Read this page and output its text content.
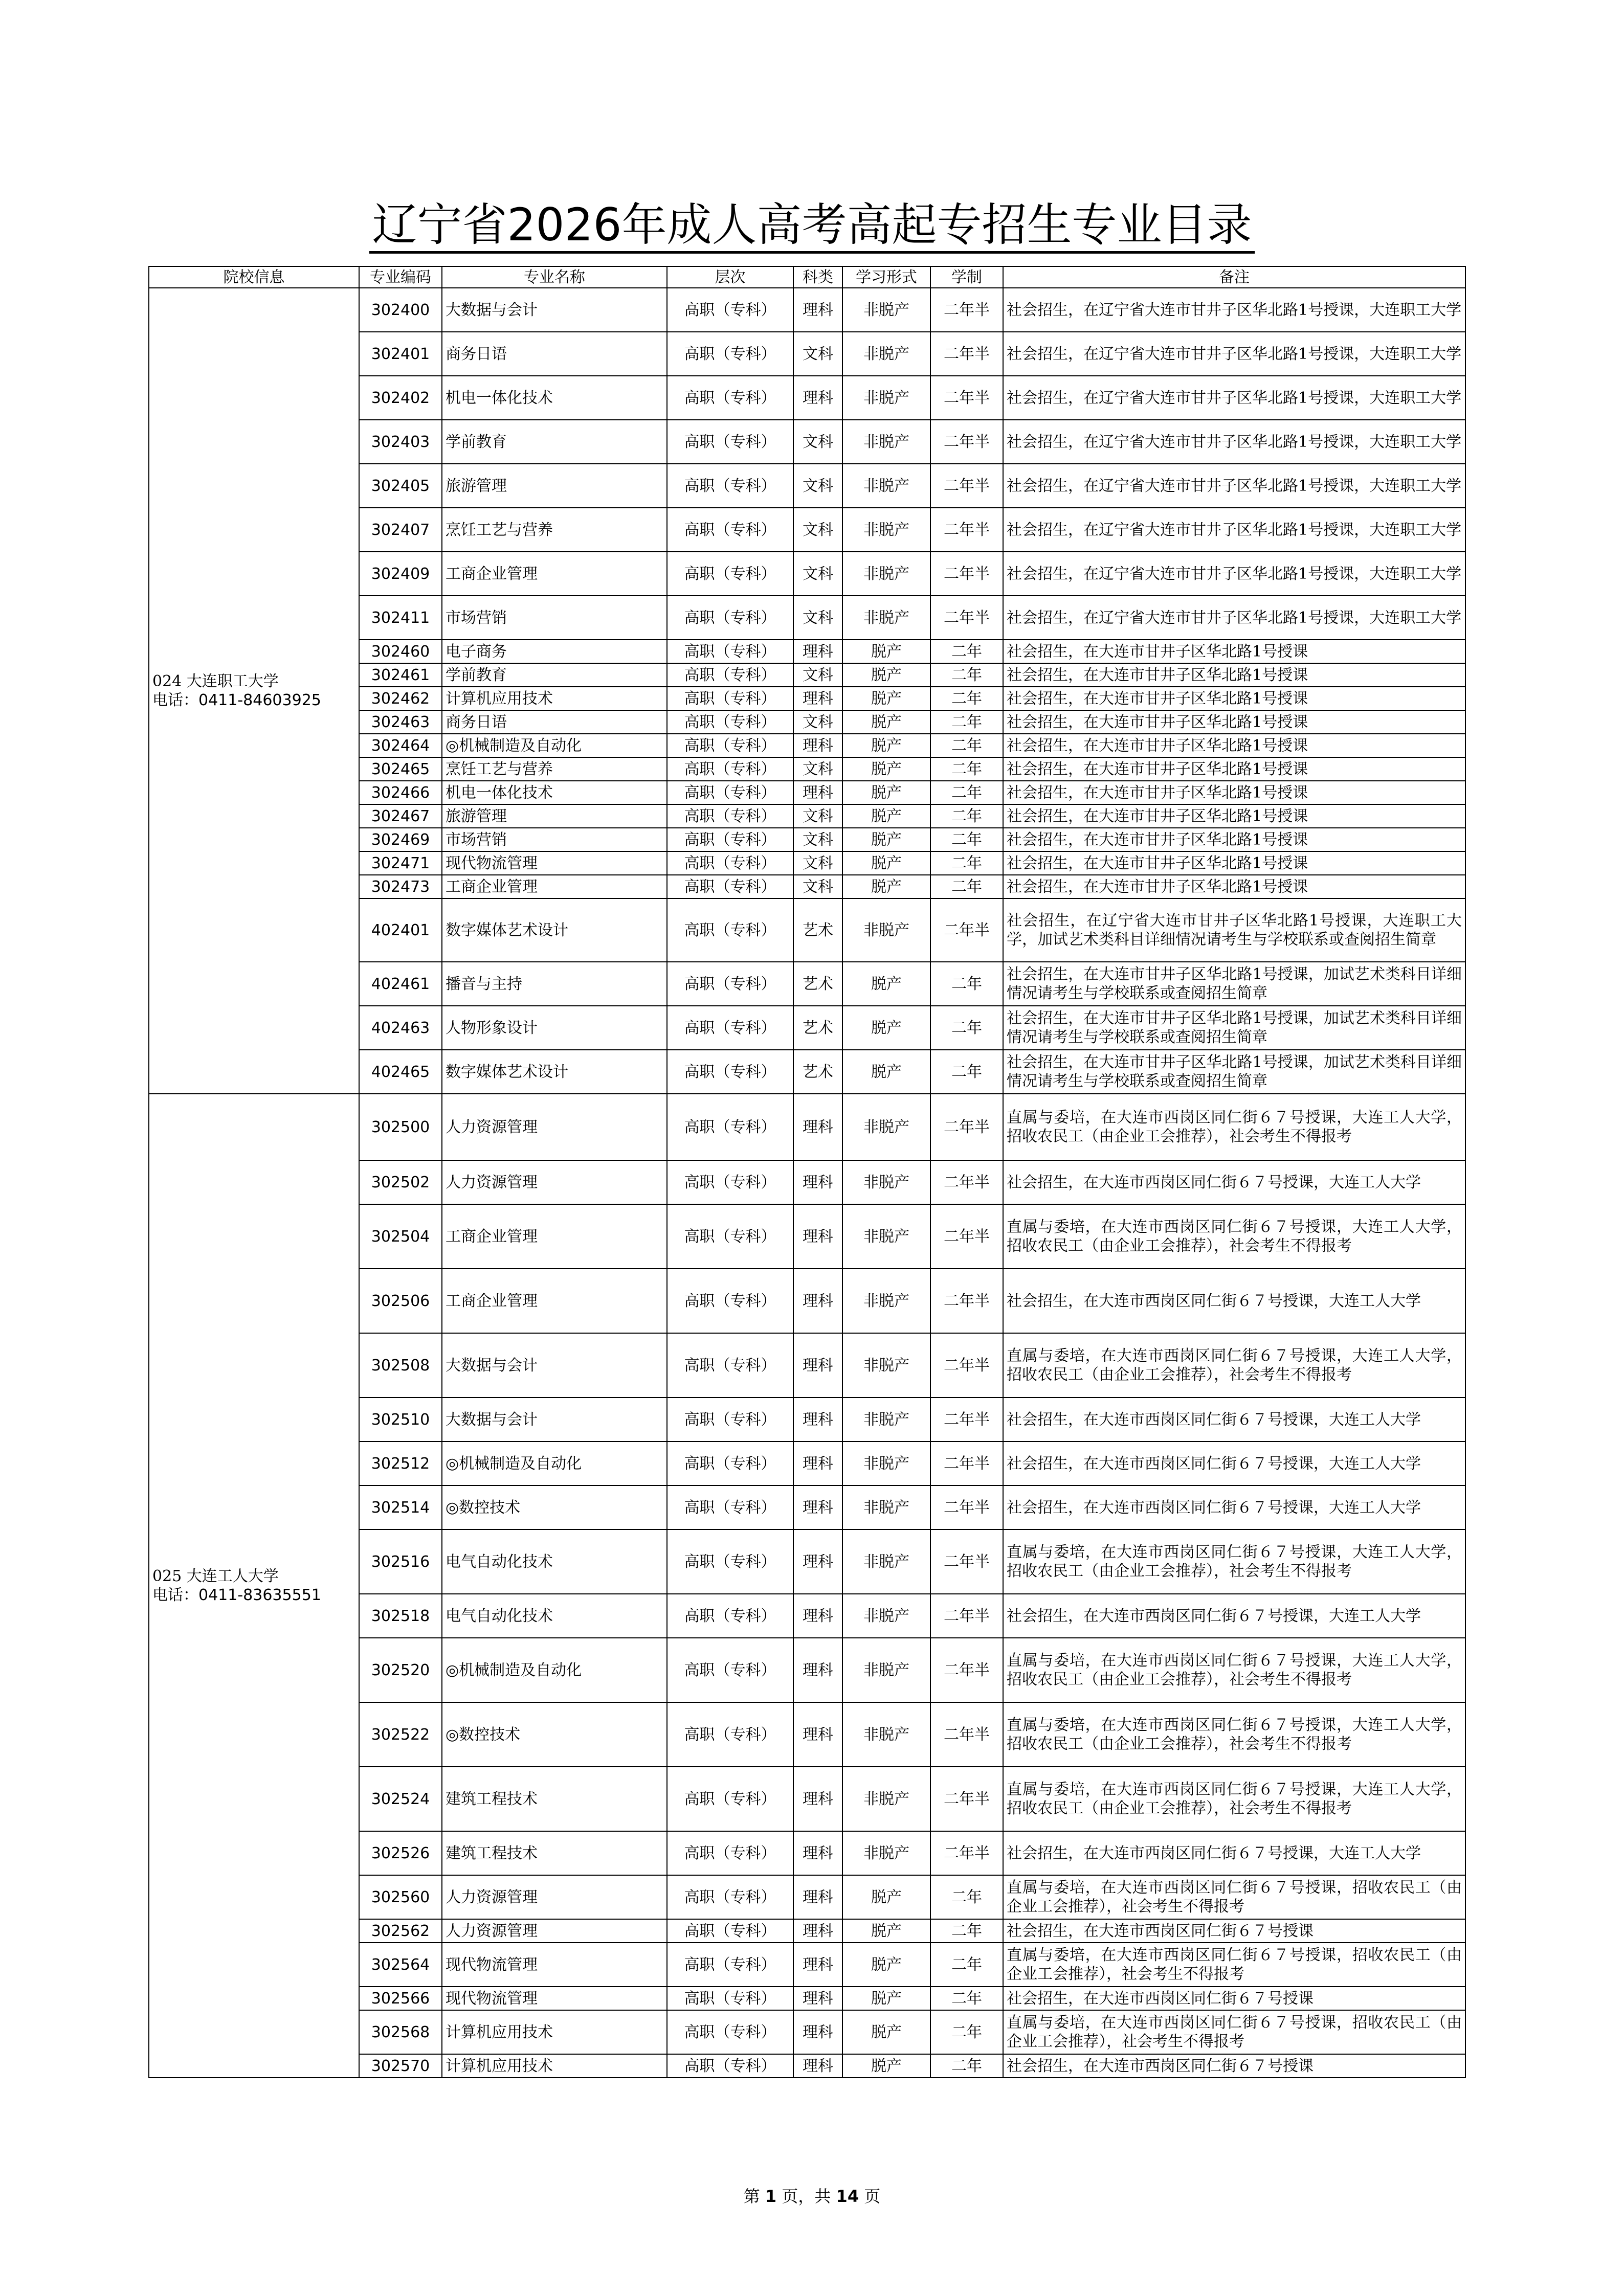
辽宁省2026年成人高考高起专招生专业目录
院校信息	专业编码	专业名称	层次	科类	学习形式	学制	备注

024 大连职工大学
电话：0411-84603925	302400	大数据与会计	高职（专科）	理科	非脱产	二年半	社会招生，在辽宁省大连市甘井子区华北路1号授课，大连职工大学
	302401	商务日语	高职（专科）	文科	非脱产	二年半	社会招生，在辽宁省大连市甘井子区华北路1号授课，大连职工大学
	302402	机电一体化技术	高职（专科）	理科	非脱产	二年半	社会招生，在辽宁省大连市甘井子区华北路1号授课，大连职工大学
	302403	学前教育	高职（专科）	文科	非脱产	二年半	社会招生，在辽宁省大连市甘井子区华北路1号授课，大连职工大学
	302405	旅游管理	高职（专科）	文科	非脱产	二年半	社会招生，在辽宁省大连市甘井子区华北路1号授课，大连职工大学
	302407	烹饪工艺与营养	高职（专科）	文科	非脱产	二年半	社会招生，在辽宁省大连市甘井子区华北路1号授课，大连职工大学
	302409	工商企业管理	高职（专科）	文科	非脱产	二年半	社会招生，在辽宁省大连市甘井子区华北路1号授课，大连职工大学
	302411	市场营销	高职（专科）	文科	非脱产	二年半	社会招生，在辽宁省大连市甘井子区华北路1号授课，大连职工大学
	302460	电子商务	高职（专科）	理科	脱产	二年	社会招生，在大连市甘井子区华北路1号授课
	302461	学前教育	高职（专科）	文科	脱产	二年	社会招生，在大连市甘井子区华北路1号授课
	302462	计算机应用技术	高职（专科）	理科	脱产	二年	社会招生，在大连市甘井子区华北路1号授课
	302463	商务日语	高职（专科）	文科	脱产	二年	社会招生，在大连市甘井子区华北路1号授课
	302464	◎机械制造及自动化	高职（专科）	理科	脱产	二年	社会招生，在大连市甘井子区华北路1号授课
	302465	烹饪工艺与营养	高职（专科）	文科	脱产	二年	社会招生，在大连市甘井子区华北路1号授课
	302466	机电一体化技术	高职（专科）	理科	脱产	二年	社会招生，在大连市甘井子区华北路1号授课
	302467	旅游管理	高职（专科）	文科	脱产	二年	社会招生，在大连市甘井子区华北路1号授课
	302469	市场营销	高职（专科）	文科	脱产	二年	社会招生，在大连市甘井子区华北路1号授课
	302471	现代物流管理	高职（专科）	文科	脱产	二年	社会招生，在大连市甘井子区华北路1号授课
	302473	工商企业管理	高职（专科）	文科	脱产	二年	社会招生，在大连市甘井子区华北路1号授课
	402401	数字媒体艺术设计	高职（专科）	艺术	非脱产	二年半	社会招生，在辽宁省大连市甘井子区华北路1号授课，大连职工大学，加试艺术类科目详细情况请考生与学校联系或查阅招生简章
	402461	播音与主持	高职（专科）	艺术	脱产	二年	社会招生，在大连市甘井子区华北路1号授课，加试艺术类科目详细情况请考生与学校联系或查阅招生简章
	402463	人物形象设计	高职（专科）	艺术	脱产	二年	社会招生，在大连市甘井子区华北路1号授课，加试艺术类科目详细情况请考生与学校联系或查阅招生简章
	402465	数字媒体艺术设计	高职（专科）	艺术	脱产	二年	社会招生，在大连市甘井子区华北路1号授课，加试艺术类科目详细情况请考生与学校联系或查阅招生简章

025 大连工人大学
电话：0411-83635551	302500	人力资源管理	高职（专科）	理科	非脱产	二年半	直属与委培，在大连市西岗区同仁街６７号授课，大连工人大学，招收农民工（由企业工会推荐），社会考生不得报考
	302502	人力资源管理	高职（专科）	理科	非脱产	二年半	社会招生，在大连市西岗区同仁街６７号授课，大连工人大学
	302504	工商企业管理	高职（专科）	理科	非脱产	二年半	直属与委培，在大连市西岗区同仁街６７号授课，大连工人大学，招收农民工（由企业工会推荐），社会考生不得报考
	302506	工商企业管理	高职（专科）	理科	非脱产	二年半	社会招生，在大连市西岗区同仁街６７号授课，大连工人大学
	302508	大数据与会计	高职（专科）	理科	非脱产	二年半	直属与委培，在大连市西岗区同仁街６７号授课，大连工人大学，招收农民工（由企业工会推荐），社会考生不得报考
	302510	大数据与会计	高职（专科）	理科	非脱产	二年半	社会招生，在大连市西岗区同仁街６７号授课，大连工人大学
	302512	◎机械制造及自动化	高职（专科）	理科	非脱产	二年半	社会招生，在大连市西岗区同仁街６７号授课，大连工人大学
	302514	◎数控技术	高职（专科）	理科	非脱产	二年半	社会招生，在大连市西岗区同仁街６７号授课，大连工人大学
	302516	电气自动化技术	高职（专科）	理科	非脱产	二年半	直属与委培，在大连市西岗区同仁街６７号授课，大连工人大学，招收农民工（由企业工会推荐），社会考生不得报考
	302518	电气自动化技术	高职（专科）	理科	非脱产	二年半	社会招生，在大连市西岗区同仁街６７号授课，大连工人大学
	302520	◎机械制造及自动化	高职（专科）	理科	非脱产	二年半	直属与委培，在大连市西岗区同仁街６７号授课，大连工人大学，招收农民工（由企业工会推荐），社会考生不得报考
	302522	◎数控技术	高职（专科）	理科	非脱产	二年半	直属与委培，在大连市西岗区同仁街６７号授课，大连工人大学，招收农民工（由企业工会推荐），社会考生不得报考
	302524	建筑工程技术	高职（专科）	理科	非脱产	二年半	直属与委培，在大连市西岗区同仁街６７号授课，大连工人大学，招收农民工（由企业工会推荐），社会考生不得报考
	302526	建筑工程技术	高职（专科）	理科	非脱产	二年半	社会招生，在大连市西岗区同仁街６７号授课，大连工人大学
	302560	人力资源管理	高职（专科）	理科	脱产	二年	直属与委培，在大连市西岗区同仁街６７号授课，招收农民工（由企业工会推荐），社会考生不得报考
	302562	人力资源管理	高职（专科）	理科	脱产	二年	社会招生，在大连市西岗区同仁街６７号授课
	302564	现代物流管理	高职（专科）	理科	脱产	二年	直属与委培，在大连市西岗区同仁街６７号授课，招收农民工（由企业工会推荐），社会考生不得报考
	302566	现代物流管理	高职（专科）	理科	脱产	二年	社会招生，在大连市西岗区同仁街６７号授课
	302568	计算机应用技术	高职（专科）	理科	脱产	二年	直属与委培，在大连市西岗区同仁街６７号授课，招收农民工（由企业工会推荐），社会考生不得报考
	302570	计算机应用技术	高职（专科）	理科	脱产	二年	社会招生，在大连市西岗区同仁街６７号授课
第 1 页，共 14 页
